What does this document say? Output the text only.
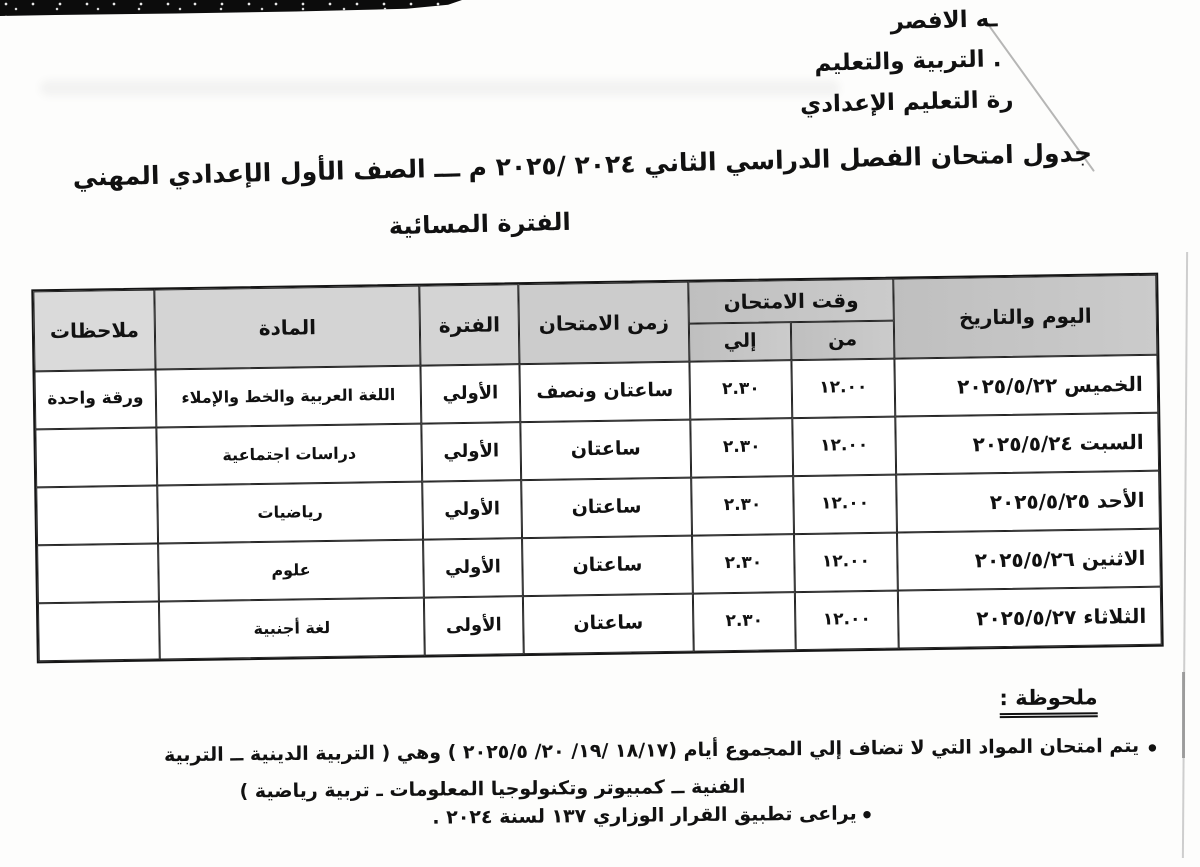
ـه الافصر
. التربية والتعليم
رة التعليم الإعدادي
جدول امتحان الفصل الدراسي الثاني ٢٠٢٤ /٢٠٢٥ م ـــ الصف الأول الإعدادي المهني
الفترة المسائية
اليوم والتاريخ
وقت الامتحان
من
إلي
زمن الامتحان
الفترة
المادة
ملاحظات
الخميس ٢٠٢٥/٥/٢٢
١٢.٠٠
٢.٣٠
ساعتان ونصف
الأولي
اللغة العربية والخط والإملاء
ورقة واحدة
السبت ٢٠٢٥/٥/٢٤
١٢.٠٠
٢.٣٠
ساعتان
الأولي
دراسات اجتماعية
الأحد ٢٠٢٥/٥/٢٥
١٢.٠٠
٢.٣٠
ساعتان
الأولي
رياضيات
الاثنين ٢٠٢٥/٥/٢٦
١٢.٠٠
٢.٣٠
ساعتان
الأولي
علوم
الثلاثاء ٢٠٢٥/٥/٢٧
١٢.٠٠
٢.٣٠
ساعتان
الأولى
لغة أجنبية
ملحوظة :
•
يتم امتحان المواد التي لا تضاف إلي المجموع أيام (١٨/١٧ /١٩/ ٢٠/ ٢٠٢٥/٥ ) وهي ( التربية الدينية ــ التربية
الفنية ــ كمبيوتر وتكنولوجيا المعلومات ـ تربية رياضية )
•
يراعى تطبيق القرار الوزاري ١٣٧ لسنة ٢٠٢٤ .
